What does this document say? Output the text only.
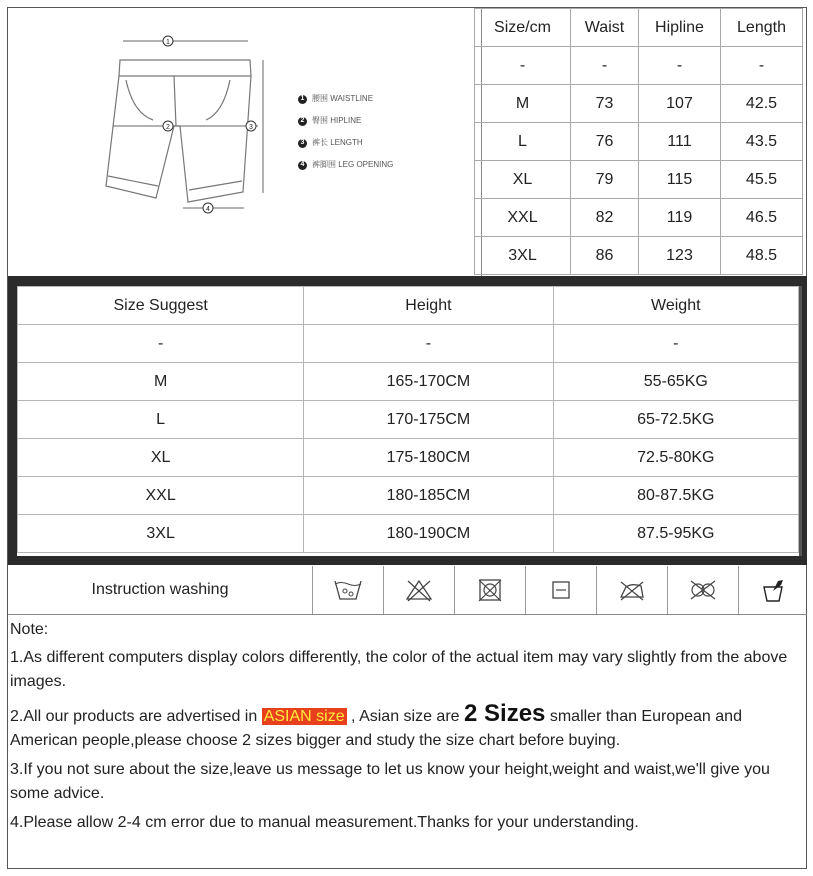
1
2	3
4
1 腰围 WAISTLINE
2 臀围 HIPLINE
3 裤长 LENGTH
4 裤脚围 LEG OPENING
Size/cm	Waist	Hipline	Length
-	-	-	-
M	73	107	42.5
L	76	111	43.5
XL	79	115	45.5
XXL	82	119	46.5
3XL	86	123	48.5
Size Suggest	Height	Weight
-	-	-
M	165-170CM	55-65KG
L	170-175CM	65-72.5KG
XL	175-180CM	72.5-80KG
XXL	180-185CM	80-87.5KG
3XL	180-190CM	87.5-95KG
Instruction washing

Note:

1.As different computers display colors differently, the color of the actual item may vary slightly from the above images.

2.All our products are advertised in ASIAN size , Asian size are 2 Sizes smaller than European and

American people,please choose 2 sizes bigger and study the size chart before buying.

3.If you not sure about the size,leave us message to let us know your height,weight and waist,we'll give you some advice.

4.Please allow 2-4 cm error due to manual measurement.Thanks for your understanding.
